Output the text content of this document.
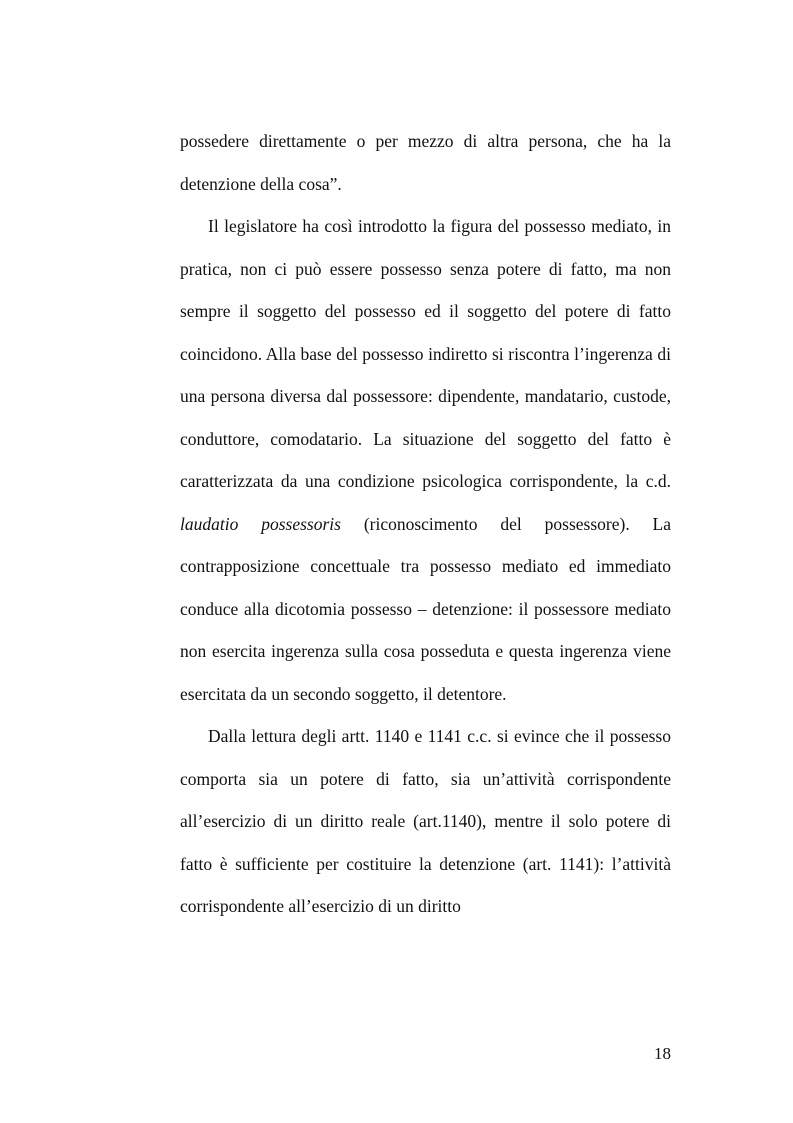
possedere direttamente o per mezzo di altra persona, che ha la detenzione della cosa”.

Il legislatore ha così introdotto la figura del possesso mediato, in pratica, non ci può essere possesso senza potere di fatto, ma non sempre il soggetto del possesso ed il soggetto del potere di fatto coincidono. Alla base del possesso indiretto si riscontra l’ingerenza di una persona diversa dal possessore: dipendente, mandatario, custode, conduttore, comodatario. La situazione del soggetto del fatto è caratterizzata da una condizione psicologica corrispondente, la c.d. laudatio possessoris (riconoscimento del possessore). La contrapposizione concettuale tra possesso mediato ed immediato conduce alla dicotomia possesso – detenzione: il possessore mediato non esercita ingerenza sulla cosa posseduta e questa ingerenza viene esercitata da un secondo soggetto, il detentore.

Dalla lettura degli artt. 1140 e 1141 c.c. si evince che il possesso comporta sia un potere di fatto, sia un’attività corrispondente all’esercizio di un diritto reale (art.1140), mentre il solo potere di fatto è sufficiente per costituire la detenzione (art. 1141): l’attività corrispondente all’esercizio di un diritto

18
